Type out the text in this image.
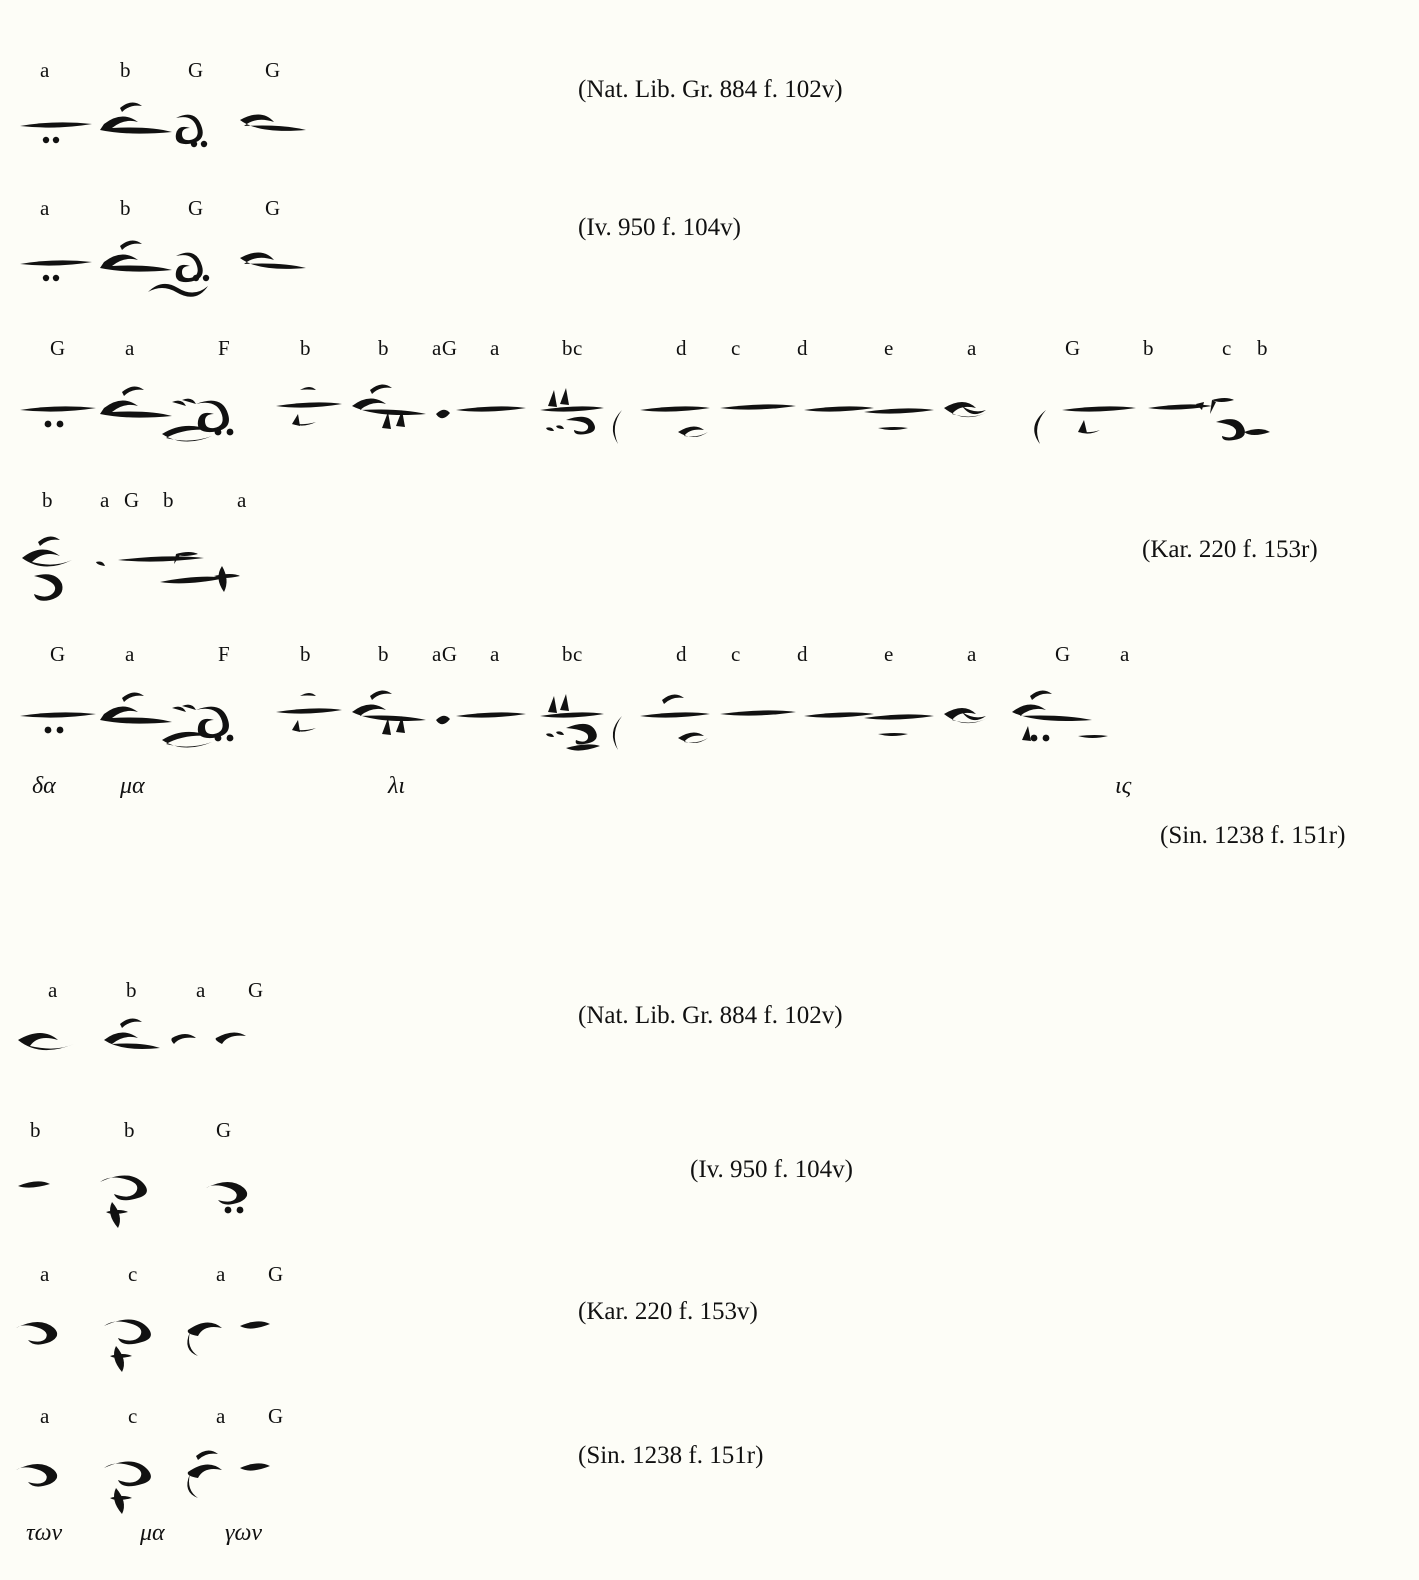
a	b	G	G
(Nat. Lib. Gr. 884 f. 102v)
a	b	G	G
(Iv. 950 f. 104v)
G	a	F	b	b aG a	bc	d c	d	e	a	G	b	c b
b a G b	a
(Kar. 220 f. 153r)
G	a	F	b	b aG a	bc	d c	d	e	a	G a
δα	μα	λι	ις
(Sin. 1238 f. 151r)
a	b	a G
(Nat. Lib. Gr. 884 f. 102v)
b	b	G
(Iv. 950 f. 104v)
a	c	a G
(Kar. 220 f. 153v)
a	c	a G
των	μα	γων
(Sin. 1238 f. 151r)
